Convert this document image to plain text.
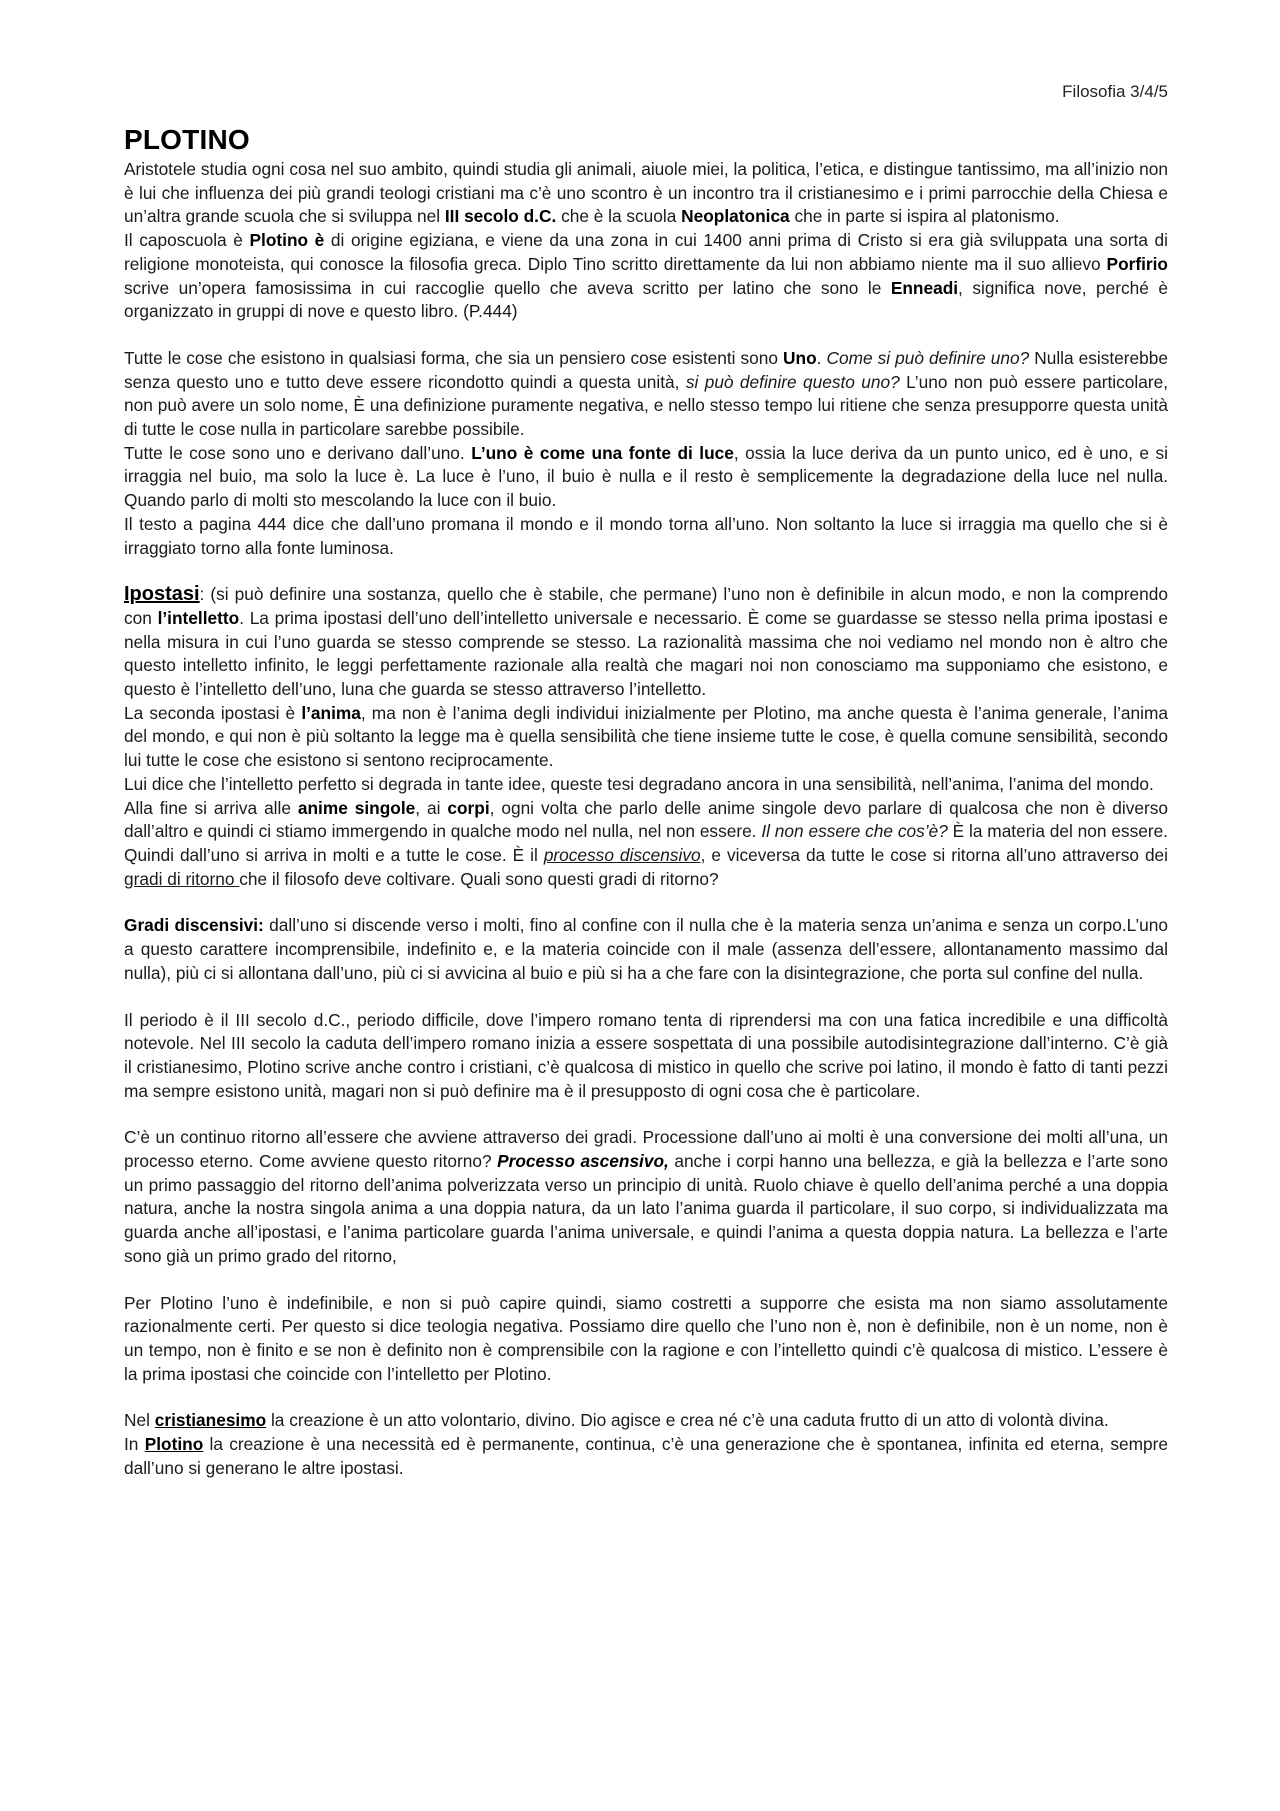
Filosofia 3/4/5
PLOTINO

Aristotele studia ogni cosa nel suo ambito, quindi studia gli animali, aiuole miei, la politica, l’etica, e distingue tantissimo, ma all’inizio non è lui che influenza dei più grandi teologi cristiani ma c’è uno scontro è un incontro tra il cristianesimo e i primi parrocchie della Chiesa e un’altra grande scuola che si sviluppa nel III secolo d.C. che è la scuola Neoplatonica che in parte si ispira al platonismo.

Il caposcuola è Plotino è di origine egiziana, e viene da una zona in cui 1400 anni prima di Cristo si era già sviluppata una sorta di religione monoteista, qui conosce la filosofia greca. Diplo Tino scritto direttamente da lui non abbiamo niente ma il suo allievo Porfirio scrive un’opera famosissima in cui raccoglie quello che aveva scritto per latino che sono le Enneadi, significa nove, perché è organizzato in gruppi di nove e questo libro. (P.444)

Tutte le cose che esistono in qualsiasi forma, che sia un pensiero cose esistenti sono Uno. Come si può definire uno? Nulla esisterebbe senza questo uno e tutto deve essere ricondotto quindi a questa unità, si può definire questo uno? L’uno non può essere particolare, non può avere un solo nome, È una definizione puramente negativa, e nello stesso tempo lui ritiene che senza presupporre questa unità di tutte le cose nulla in particolare sarebbe possibile.

Tutte le cose sono uno e derivano dall’uno. L’uno è come una fonte di luce, ossia la luce deriva da un punto unico, ed è uno, e si irraggia nel buio, ma solo la luce è. La luce è l’uno, il buio è nulla e il resto è semplicemente la degradazione della luce nel nulla. Quando parlo di molti sto mescolando la luce con il buio.

Il testo a pagina 444 dice che dall’uno promana il mondo e il mondo torna all’uno. Non soltanto la luce si irraggia ma quello che si è irraggiato torno alla fonte luminosa.

Ipostasi: (si può definire una sostanza, quello che è stabile, che permane) l’uno non è definibile in alcun modo, e non la comprendo con l’intelletto. La prima ipostasi dell’uno dell’intelletto universale e necessario. È come se guardasse se stesso nella prima ipostasi e nella misura in cui l’uno guarda se stesso comprende se stesso. La razionalità massima che noi vediamo nel mondo non è altro che questo intelletto infinito, le leggi perfettamente razionale alla realtà che magari noi non conosciamo ma supponiamo che esistono, e questo è l’intelletto dell’uno, luna che guarda se stesso attraverso l’intelletto.

La seconda ipostasi è l’anima, ma non è l’anima degli individui inizialmente per Plotino, ma anche questa è l’anima generale, l’anima del mondo, e qui non è più soltanto la legge ma è quella sensibilità che tiene insieme tutte le cose, è quella comune sensibilità, secondo lui tutte le cose che esistono si sentono reciprocamente.

Lui dice che l’intelletto perfetto si degrada in tante idee, queste tesi degradano ancora in una sensibilità, nell’anima, l’anima del mondo.

Alla fine si arriva alle anime singole, ai corpi, ogni volta che parlo delle anime singole devo parlare di qualcosa che non è diverso dall’altro e quindi ci stiamo immergendo in qualche modo nel nulla, nel non essere. Il non essere che cos’è? È la materia del non essere. Quindi dall’uno si arriva in molti e a tutte le cose. È il processo discensivo, e viceversa da tutte le cose si ritorna all’uno attraverso dei gradi di ritorno che il filosofo deve coltivare. Quali sono questi gradi di ritorno?

Gradi discensivi: dall’uno si discende verso i molti, fino al confine con il nulla che è la materia senza un’anima e senza un corpo.L’uno a questo carattere incomprensibile, indefinito e, e la materia coincide con il male (assenza dell’essere, allontanamento massimo dal nulla), più ci si allontana dall’uno, più ci si avvicina al buio e più si ha a che fare con la disintegrazione, che porta sul confine del nulla.

Il periodo è il III secolo d.C., periodo difficile, dove l’impero romano tenta di riprendersi ma con una fatica incredibile e una difficoltà notevole. Nel III secolo la caduta dell’impero romano inizia a essere sospettata di una possibile autodisintegrazione dall’interno. C’è già il cristianesimo, Plotino scrive anche contro i cristiani, c’è qualcosa di mistico in quello che scrive poi latino, il mondo è fatto di tanti pezzi ma sempre esistono unità, magari non si può definire ma è il presupposto di ogni cosa che è particolare.

C’è un continuo ritorno all’essere che avviene attraverso dei gradi. Processione dall’uno ai molti è una conversione dei molti all’una, un processo eterno. Come avviene questo ritorno? Processo ascensivo, anche i corpi hanno una bellezza, e già la bellezza e l’arte sono un primo passaggio del ritorno dell’anima polverizzata verso un principio di unità. Ruolo chiave è quello dell’anima perché a una doppia natura, anche la nostra singola anima a una doppia natura, da un lato l’anima guarda il particolare, il suo corpo, si individualizzata ma guarda anche all’ipostasi, e l’anima particolare guarda l’anima universale, e quindi l’anima a questa doppia natura. La bellezza e l’arte sono già un primo grado del ritorno,

Per Plotino l’uno è indefinibile, e non si può capire quindi, siamo costretti a supporre che esista ma non siamo assolutamente razionalmente certi. Per questo si dice teologia negativa. Possiamo dire quello che l’uno non è, non è definibile, non è un nome, non è un tempo, non è finito e se non è definito non è comprensibile con la ragione e con l’intelletto quindi c’è qualcosa di mistico. L’essere è la prima ipostasi che coincide con l’intelletto per Plotino.

Nel cristianesimo la creazione è un atto volontario, divino. Dio agisce e crea né c’è una caduta frutto di un atto di volontà divina.

In Plotino la creazione è una necessità ed è permanente, continua, c’è una generazione che è spontanea, infinita ed eterna, sempre dall’uno si generano le altre ipostasi.
